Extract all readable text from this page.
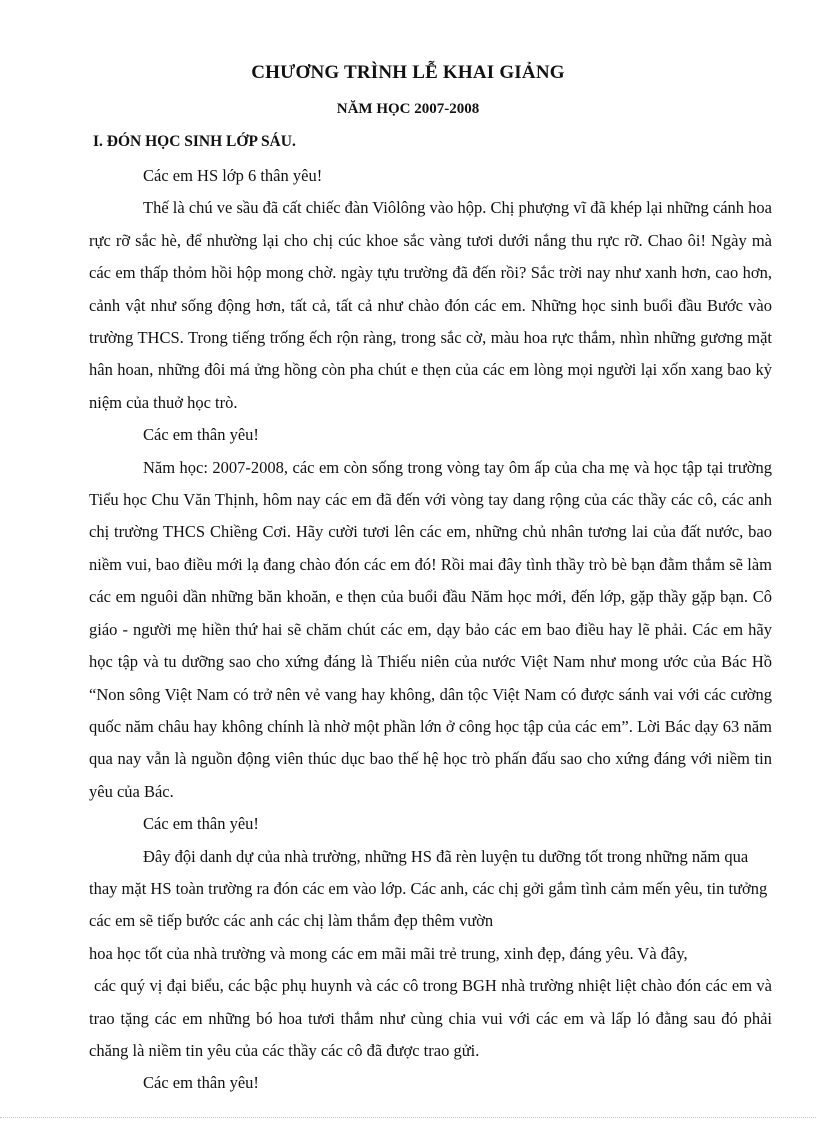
CHƯƠNG TRÌNH LỄ KHAI GIẢNG
NĂM HỌC 2007-2008
I. ĐÓN HỌC SINH LỚP SÁU.

Các em HS lớp 6 thân yêu!

Thế là chú ve sầu đã cất chiếc đàn Viôlông vào hộp. Chị phượng vĩ đã khép lại những cánh hoa rực rỡ sắc hè, để nhường lại cho chị cúc khoe sắc vàng tươi dưới nắng thu rực rỡ. Chao ôi! Ngày mà các em thấp thỏm hồi hộp mong chờ. ngày tựu trường đã đến rồi? Sắc trời nay như xanh hơn, cao hơn, cảnh vật như sống động hơn, tất cả, tất cả như chào đón các em. Những học sinh buổi đầu Bước vào trường THCS. Trong tiếng trống ếch rộn ràng, trong sắc cờ, màu hoa rực thắm, nhìn những gương mặt hân hoan, những đôi má ửng hồng còn pha chút e thẹn của các em lòng mọi người lại xốn xang bao kỷ niệm của thuở học trò.

Các em thân yêu!

Năm học: 2007-2008, các em còn sống trong vòng tay ôm ấp của cha mẹ và học tập tại trường Tiểu học Chu Văn Thịnh, hôm nay các em đã đến với vòng tay dang rộng của các thầy các cô, các anh chị trường THCS Chiềng Cơi. Hãy cười tươi lên các em, những chủ nhân tương lai của đất nước, bao niềm vui, bao điều mới lạ đang chào đón các em đó! Rồi mai đây tình thầy trò bè bạn đằm thắm sẽ làm các em nguôi dần những băn khoăn, e thẹn của buổi đầu Năm học mới, đến lớp, gặp thầy gặp bạn. Cô giáo - người mẹ hiền thứ hai sẽ chăm chút các em, dạy bảo các em bao điều hay lẽ phải. Các em hãy học tập và tu dưỡng sao cho xứng đáng là Thiếu niên của nước Việt Nam như mong ước của Bác Hồ “Non sông Việt Nam có trở nên vẻ vang hay không, dân tộc Việt Nam có được sánh vai với các cường quốc năm châu hay không chính là nhờ một phần lớn ở công học tập của các em”. Lời Bác dạy 63 năm qua nay vẫn là nguồn động viên thúc dục bao thế hệ học trò phấn đấu sao cho xứng đáng với niềm tin yêu của Bác.

Các em thân yêu!

Đây đội danh dự của nhà trường, những HS đã rèn luyện tu dưỡng tốt trong những năm qua thay mặt HS toàn trường ra đón các em vào lớp. Các anh, các chị gởi gắm tình cảm mến yêu, tin tưởng các em sẽ tiếp bước các anh các chị làm thắm đẹp thêm vườn

hoa học tốt của nhà trường và mong các em mãi mãi trẻ trung, xinh đẹp, đáng yêu. Và đây,

các quý vị đại biểu, các bậc phụ huynh và các cô trong BGH nhà trường nhiệt liệt chào đón các em và trao tặng các em những bó hoa tươi thắm như cùng chia vui với các em và lấp ló đằng sau đó phải chăng là niềm tin yêu của các thầy các cô đã được trao gửi.

Các em thân yêu!
